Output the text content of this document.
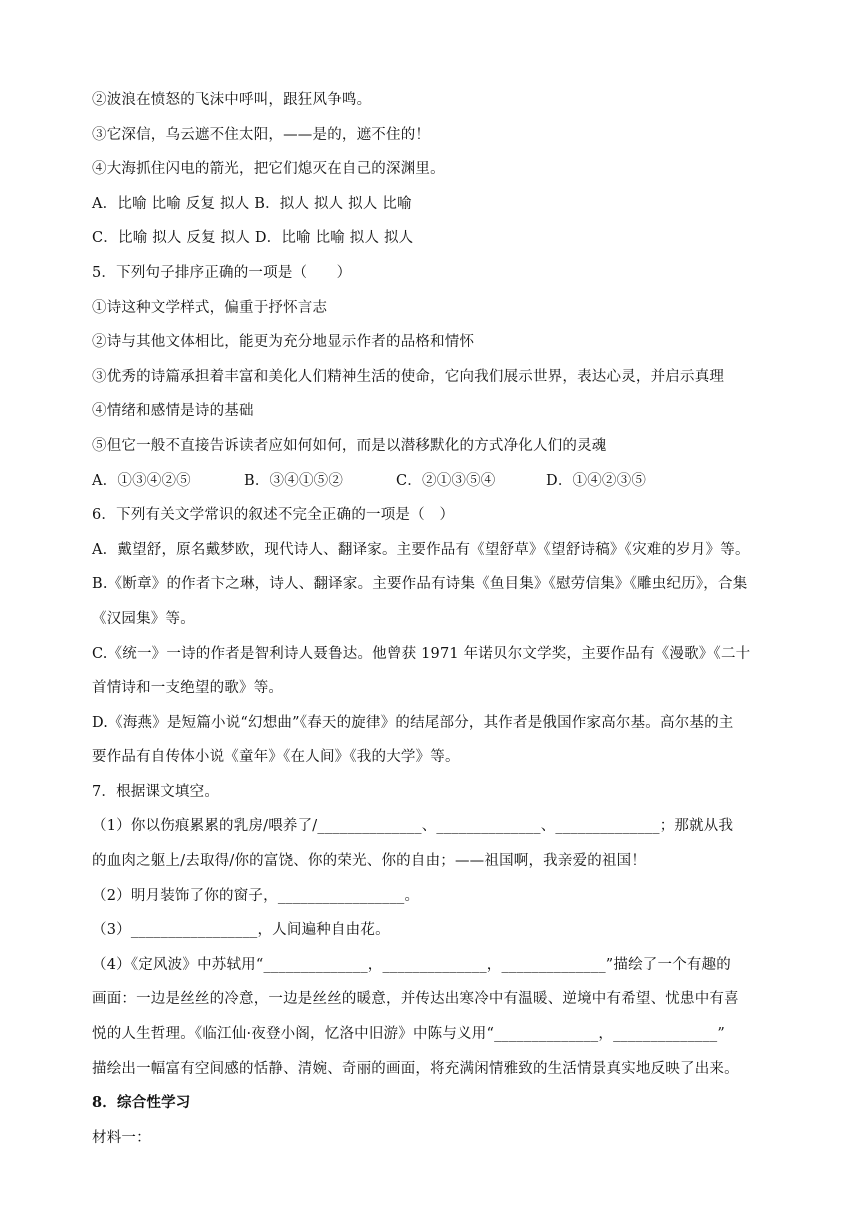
②波浪在愤怒的飞沫中呼叫，跟狂风争鸣。
③它深信，乌云遮不住太阳，——是的，遮不住的！
④大海抓住闪电的箭光，把它们熄灭在自己的深渊里。
A．比喻 比喻 反复 拟人 B．拟人 拟人 拟人 比喻
C．比喻 拟人 反复 拟人 D．比喻 比喻 拟人 拟人
5．下列句子排序正确的一项是（　　）
①诗这种文学样式，偏重于抒怀言志
②诗与其他文体相比，能更为充分地显示作者的品格和情怀
③优秀的诗篇承担着丰富和美化人们精神生活的使命，它向我们展示世界，表达心灵，并启示真理
④情绪和感情是诗的基础
⑤但它一般不直接告诉读者应如何如何，而是以潜移默化的方式净化人们的灵魂
A．①③④②⑤	B．③④①⑤②	C．②①③⑤④	D．①④②③⑤
6．下列有关文学常识的叙述不完全正确的一项是（　）
A．戴望舒，原名戴梦欧，现代诗人、翻译家。主要作品有《望舒草》《望舒诗稿》《灾难的岁月》等。
B.《断章》的作者卞之琳，诗人、翻译家。主要作品有诗集《鱼目集》《慰劳信集》《雕虫纪历》，合集
《汉园集》等。
C.《统一》一诗的作者是智利诗人聂鲁达。他曾获 1971 年诺贝尔文学奖，主要作品有《漫歌》《二十
首情诗和一支绝望的歌》等。
D.《海燕》是短篇小说“幻想曲”《春天的旋律》的结尾部分，其作者是俄国作家高尔基。高尔基的主
要作品有自传体小说《童年》《在人间》《我的大学》等。
7．根据课文填空。
（1）你以伤痕累累的乳房/喂养了/______________、______________、______________；那就从我
的血肉之躯上/去取得/你的富饶、你的荣光、你的自由；——祖国啊，我亲爱的祖国！
（2）明月装饰了你的窗子，_________________。
（3）_________________，人间遍种自由花。
（4）《定风波》中苏轼用“______________，______________，______________”描绘了一个有趣的
画面：一边是丝丝的冷意，一边是丝丝的暖意，并传达出寒冷中有温暖、逆境中有希望、忧患中有喜
悦的人生哲理。《临江仙·夜登小阁，忆洛中旧游》中陈与义用“______________，______________”
描绘出一幅富有空间感的恬静、清婉、奇丽的画面，将充满闲情雅致的生活情景真实地反映了出来。
8．综合性学习
材料一：
